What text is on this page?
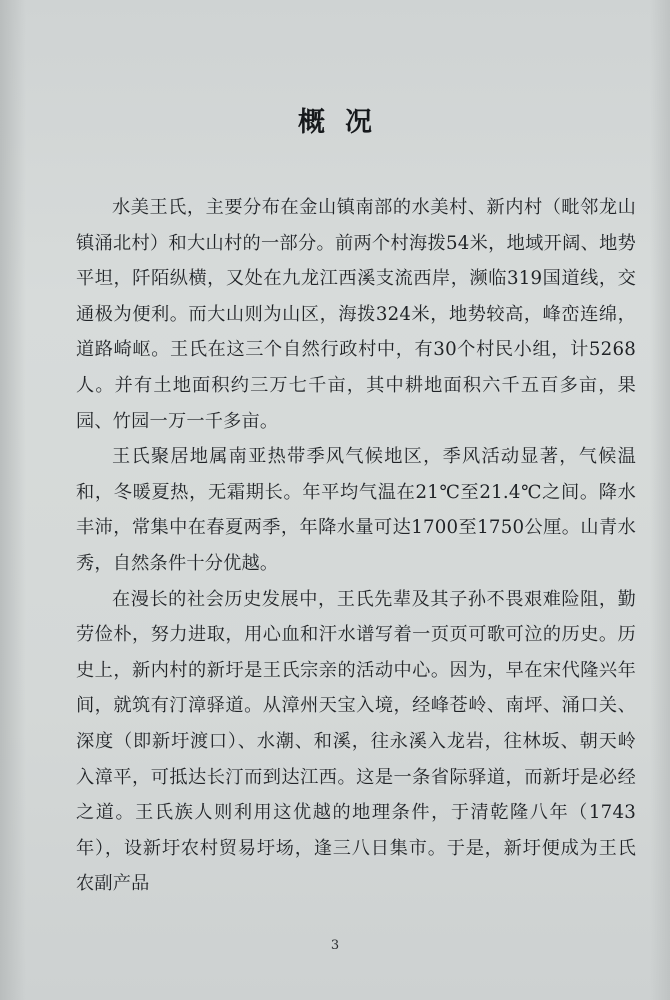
概况

水美王氏，主要分布在金山镇南部的水美村、新内村（毗邻龙山镇涌北村）和大山村的一部分。前两个村海拨54米，地域开阔、地势平坦，阡陌纵横，又处在九龙江西溪支流西岸，濒临319国道线，交通极为便利。而大山则为山区，海拨324米，地势较高，峰峦连绵，道路崎岖。王氏在这三个自然行政村中，有30个村民小组，计5268人。并有土地面积约三万七千亩，其中耕地面积六千五百多亩，果园、竹园一万一千多亩。

王氏聚居地属南亚热带季风气候地区，季风活动显著，气候温和，冬暖夏热，无霜期长。年平均气温在21℃至21.4℃之间。降水丰沛，常集中在春夏两季，年降水量可达1700至1750公厘。山青水秀，自然条件十分优越。

在漫长的社会历史发展中，王氏先辈及其子孙不畏艰难险阻，勤劳俭朴，努力进取，用心血和汗水谱写着一页页可歌可泣的历史。历史上，新内村的新圩是王氏宗亲的活动中心。因为，早在宋代隆兴年间，就筑有汀漳驿道。从漳州天宝入境，经峰苍岭、南坪、涌口关、深度（即新圩渡口）、水潮、和溪，往永溪入龙岩，往林坂、朝天岭入漳平，可抵达长汀而到达江西。这是一条省际驿道，而新圩是必经之道。王氏族人则利用这优越的地理条件，于清乾隆八年（1743年），设新圩农村贸易圩场，逢三八日集市。于是，新圩便成为王氏农副产品

3
